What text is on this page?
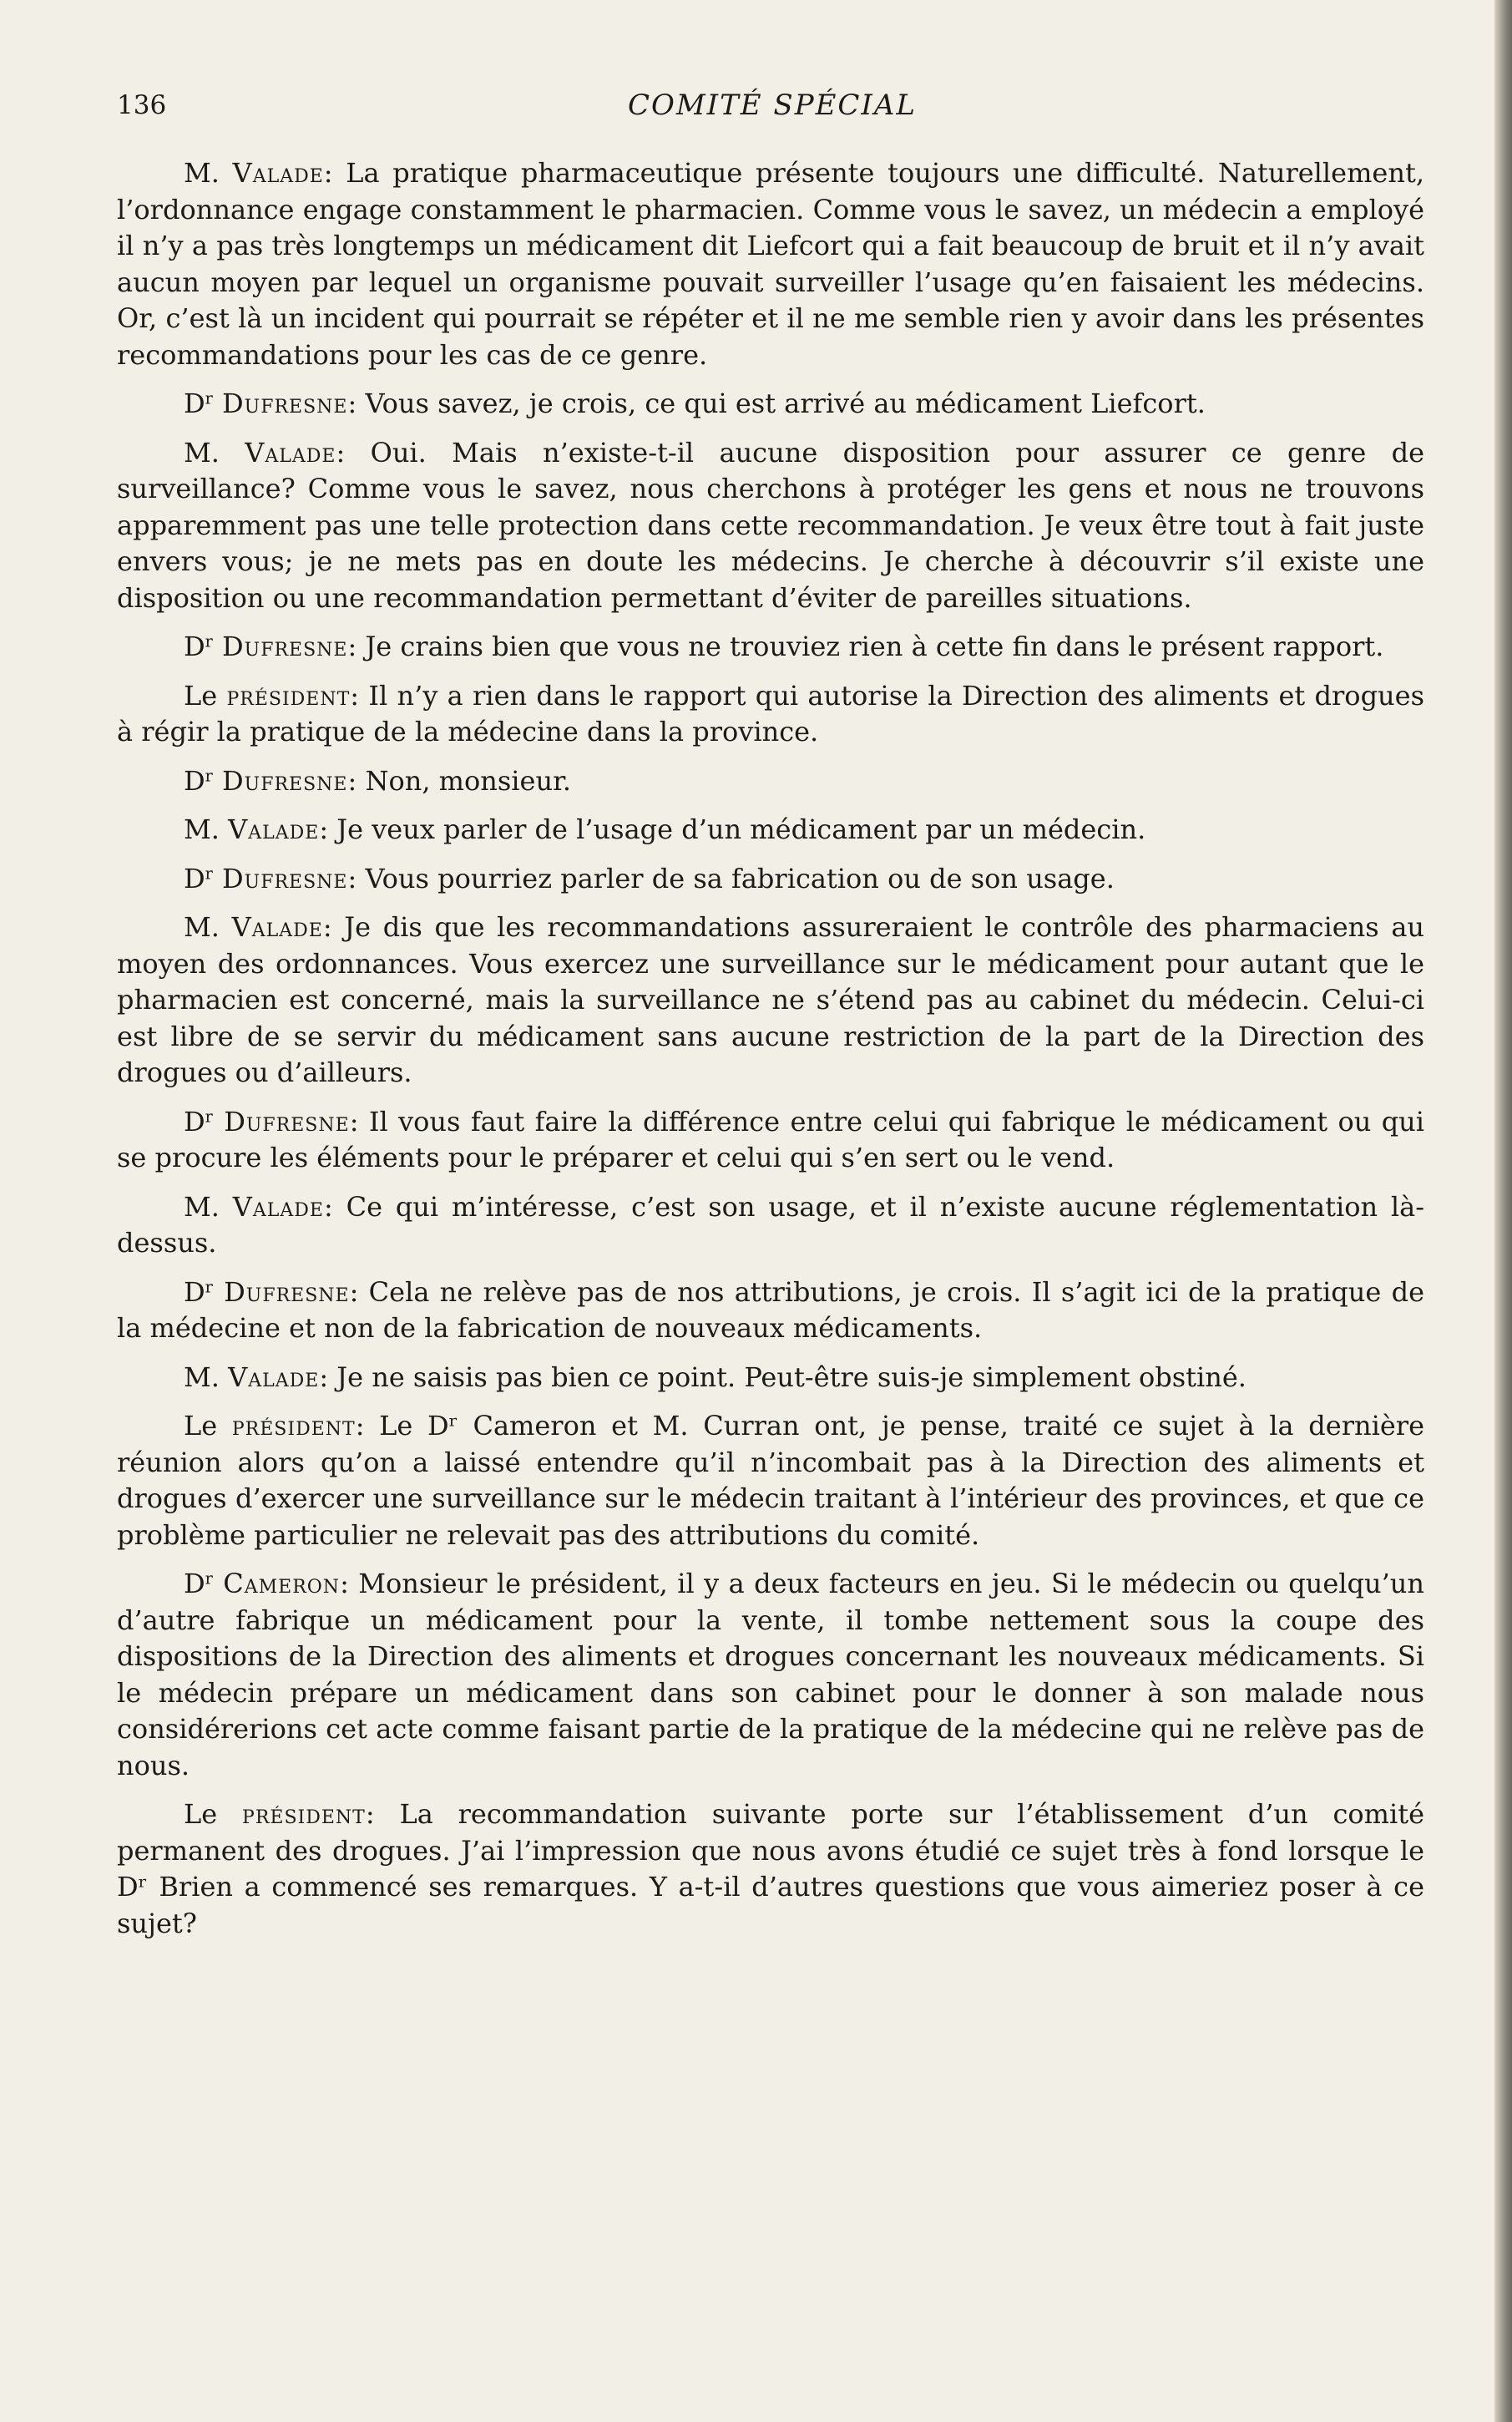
136	COMITÉ SPÉCIAL

M. Valade: La pratique pharmaceutique présente toujours une difficulté. Naturellement, l’ordonnance engage constamment le pharmacien. Comme vous le savez, un médecin a employé il n’y a pas très longtemps un médicament dit Liefcort qui a fait beaucoup de bruit et il n’y avait aucun moyen par lequel un organisme pouvait surveiller l’usage qu’en faisaient les médecins. Or, c’est là un incident qui pourrait se répéter et il ne me semble rien y avoir dans les présentes recommandations pour les cas de ce genre.

$D^r$ Dufresne: Vous savez, je crois, ce qui est arrivé au médicament Liefcort.

M. Valade: Oui. Mais n’existe-t-il aucune disposition pour assurer ce genre de surveillance? Comme vous le savez, nous cherchons à protéger les gens et nous ne trouvons apparemment pas une telle protection dans cette recommandation. Je veux être tout à fait juste envers vous; je ne mets pas en doute les médecins. Je cherche à découvrir s’il existe une disposition ou une recommandation permettant d’éviter de pareilles situations.

$D^r$ Dufresne: Je crains bien que vous ne trouviez rien à cette fin dans le présent rapport.

Le président: Il n’y a rien dans le rapport qui autorise la Direction des aliments et drogues à régir la pratique de la médecine dans la province.

$D^r$ Dufresne: Non, monsieur.

M. Valade: Je veux parler de l’usage d’un médicament par un médecin.

$D^r$ Dufresne: Vous pourriez parler de sa fabrication ou de son usage.

M. Valade: Je dis que les recommandations assureraient le contrôle des pharmaciens au moyen des ordonnances. Vous exercez une surveillance sur le médicament pour autant que le pharmacien est concerné, mais la surveillance ne s’étend pas au cabinet du médecin. Celui-ci est libre de se servir du médicament sans aucune restriction de la part de la Direction des drogues ou d’ailleurs.

$D^r$ Dufresne: Il vous faut faire la différence entre celui qui fabrique le médicament ou qui se procure les éléments pour le préparer et celui qui s’en sert ou le vend.

M. Valade: Ce qui m’intéresse, c’est son usage, et il n’existe aucune réglementation là-dessus.

$D^r$ Dufresne: Cela ne relève pas de nos attributions, je crois. Il s’agit ici de la pratique de la médecine et non de la fabrication de nouveaux médicaments.

M. Valade: Je ne saisis pas bien ce point. Peut-être suis-je simplement obstiné.

Le président: Le Dʳ Cameron et M. Curran ont, je pense, traité ce sujet à la dernière réunion alors qu’on a laissé entendre qu’il n’incombait pas à la Direction des aliments et drogues d’exercer une surveillance sur le médecin traitant à l’intérieur des provinces, et que ce problème particulier ne relevait pas des attributions du comité.

$D^r$ Cameron: Monsieur le président, il y a deux facteurs en jeu. Si le médecin ou quelqu’un d’autre fabrique un médicament pour la vente, il tombe nettement sous la coupe des dispositions de la Direction des aliments et drogues concernant les nouveaux médicaments. Si le médecin prépare un médicament dans son cabinet pour le donner à son malade nous considérerions cet acte comme faisant partie de la pratique de la médecine qui ne relève pas de nous.

Le président: La recommandation suivante porte sur l’établissement d’un comité permanent des drogues. J’ai l’impression que nous avons étudié ce sujet très à fond lorsque le Dʳ Brien a commencé ses remarques. Y a-t-il d’autres questions que vous aimeriez poser à ce sujet?
